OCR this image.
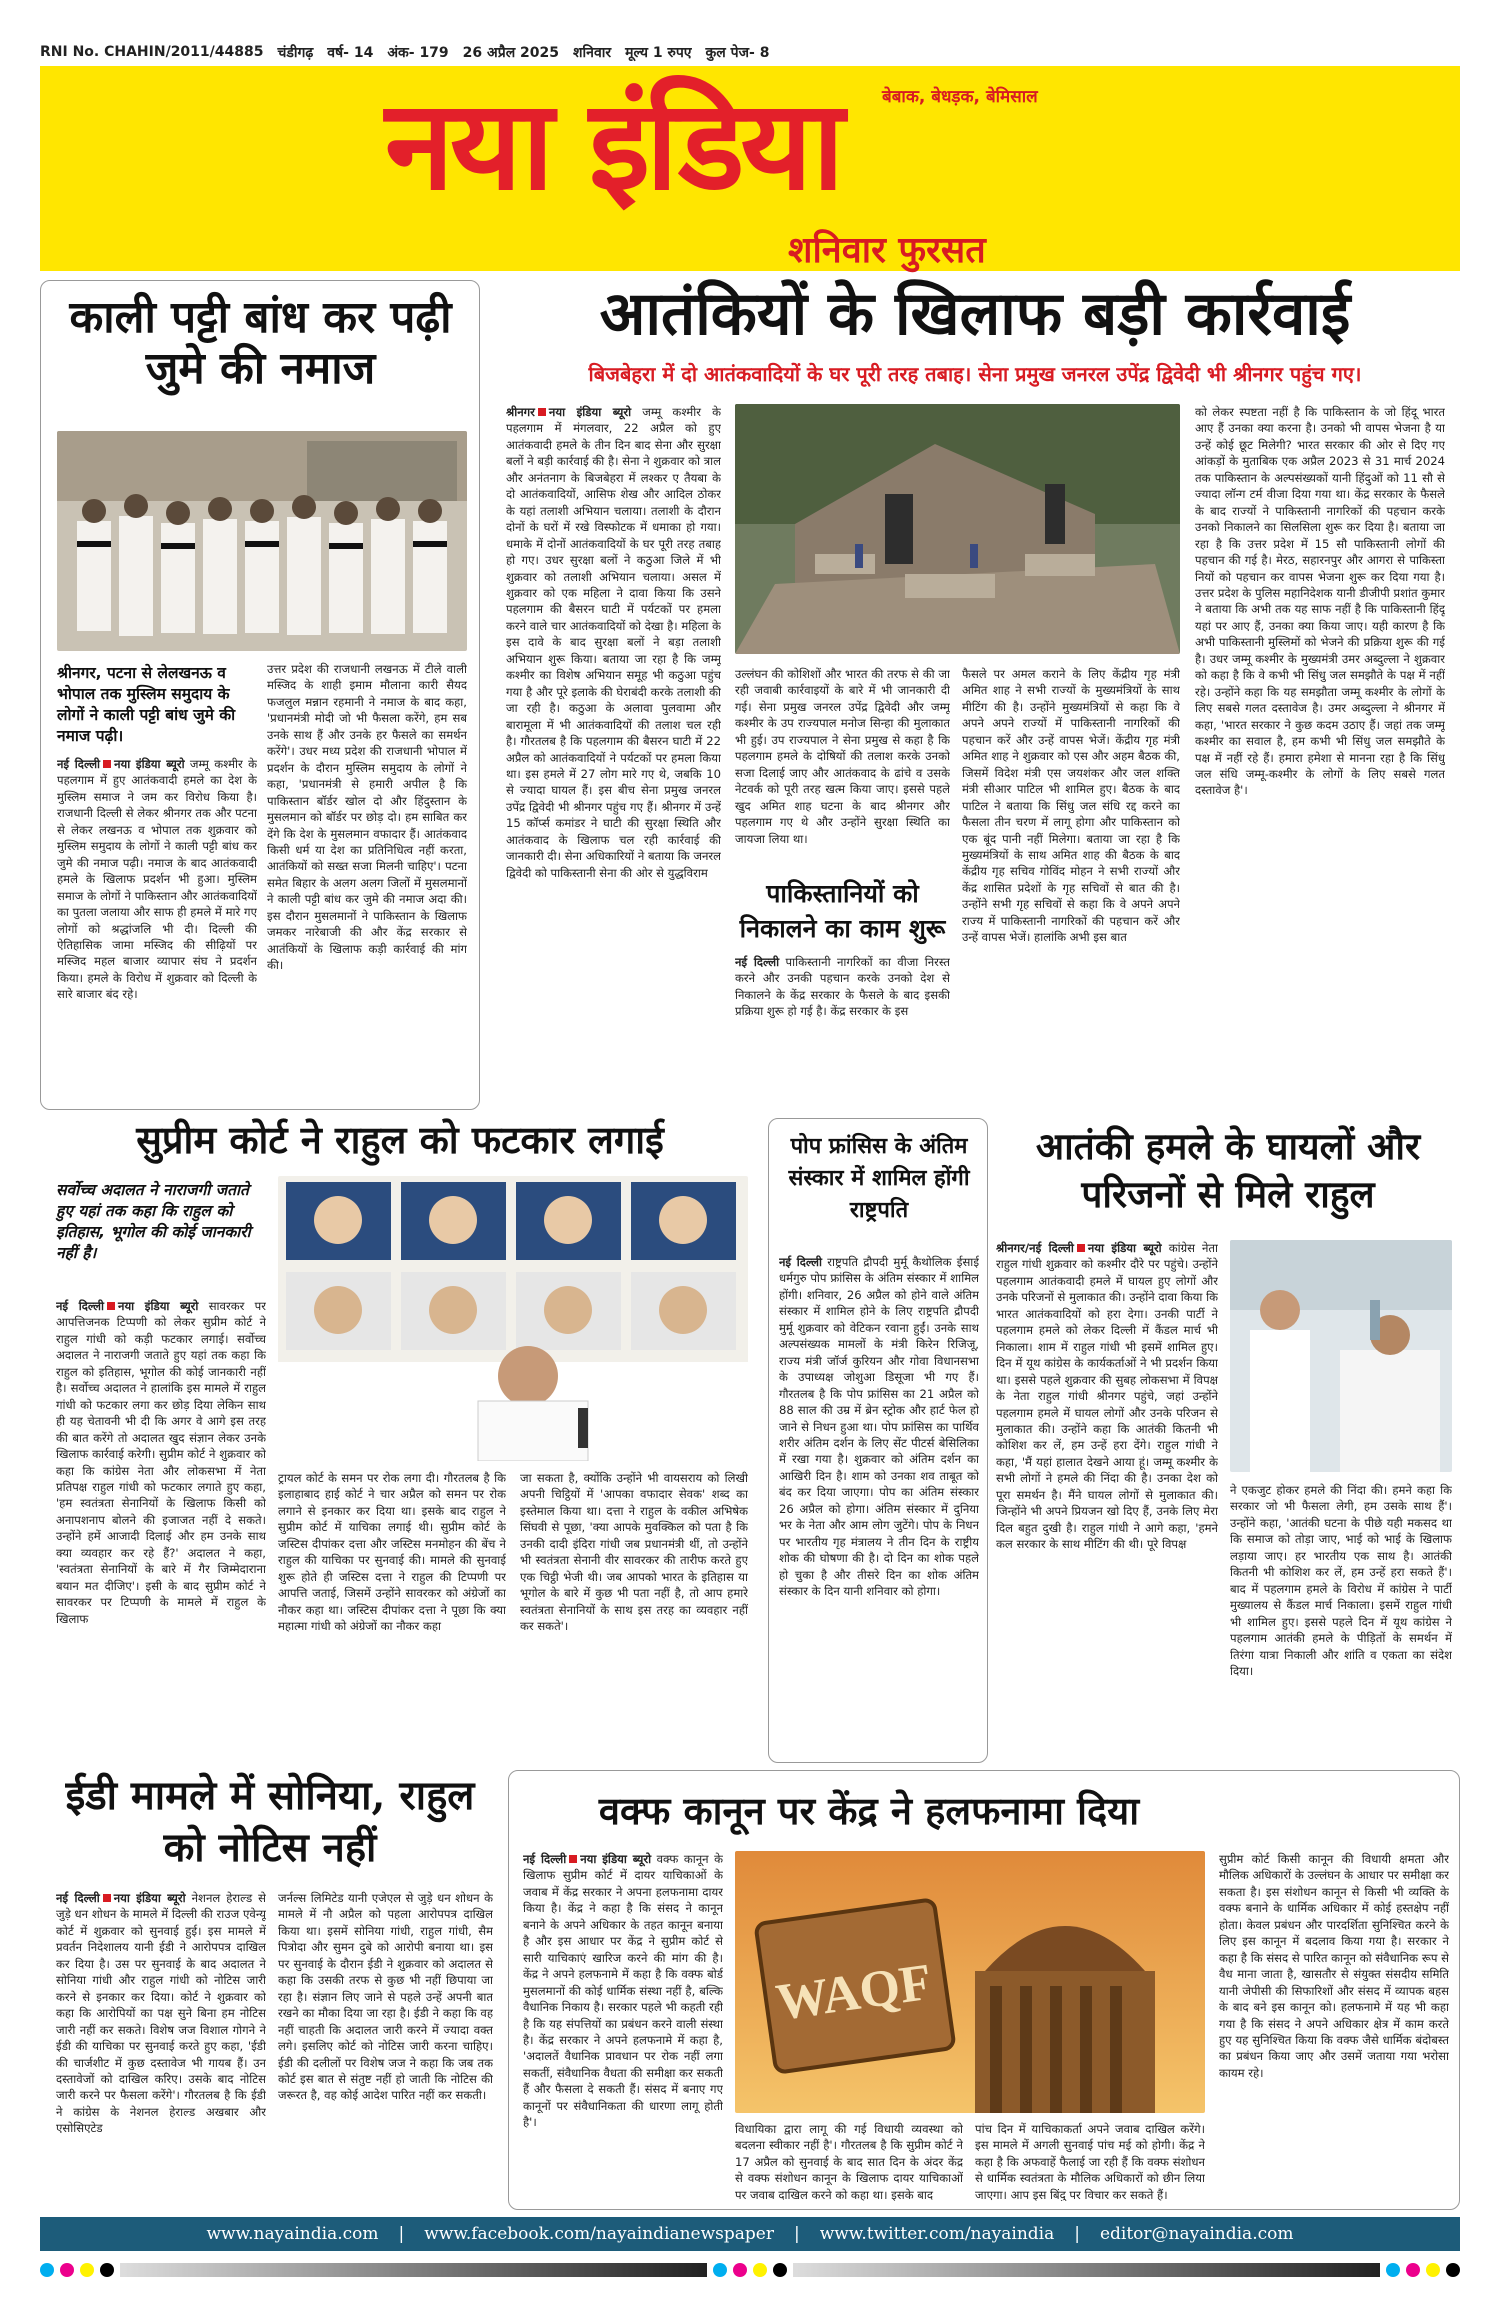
RNI No. CHAHIN/2011/44885 चंडीगढ़ वर्ष- 14 अंक- 179 26 अप्रैल 2025 शनिवार मूल्य 1 रुपए कुल पेज- 8
नया इंडिया बेबाक, बेधड़क, बेमिसाल
शनिवार फुरसत
काली पट्टी बांध कर पढ़ी जुमे की नमाज
श्रीनगर, पटना से लेलखनऊ व भोपाल तक मुस्लिम समुदाय के लोगों ने काली पट्टी बांध जुमे की नमाज पढ़ी।
नई दिल्ली नया इंडिया ब्यूरो जम्मू कश्मीर के पहलगाम में हुए आतंकवादी हमले का देश के मुस्लिम समाज ने जम कर विरोध किया है। राजधानी दिल्ली से लेकर श्रीनगर तक और पटना से लेकर लखनऊ व भोपाल तक शुक्रवार को मुस्लिम समुदाय के लोगों ने काली पट्टी बांध कर जुमे की नमाज पढ़ी। नमाज के बाद आतंकवादी हमले के खिलाफ प्रदर्शन भी हुआ। मुस्लिम समाज के लोगों ने पाकिस्तान और आतंकवादियों का पुतला जलाया और साफ ही हमले में मारे गए लोगों को श्रद्धांजलि भी दी। दिल्ली की ऐतिहासिक जामा मस्जिद की सीढ़ियों पर मस्जिद महल बाजार व्यापार संघ ने प्रदर्शन किया। हमले के विरोध में शुक्रवार को दिल्ली के सारे बाजार बंद रहे।
उत्तर प्रदेश की राजधानी लखनऊ में टीले वाली मस्जिद के शाही इमाम मौलाना कारी सैयद फजलुल मन्नान रहमानी ने नमाज के बाद कहा, 'प्रधानमंत्री मोदी जो भी फैसला करेंगे, हम सब उनके साथ हैं और उनके हर फैसले का समर्थन करेंगे'। उधर मध्य प्रदेश की राजधानी भोपाल में प्रदर्शन के दौरान मुस्लिम समुदाय के लोगों ने कहा, 'प्रधानमंत्री से हमारी अपील है कि पाकिस्तान बॉर्डर खोल दो और हिंदुस्तान के मुसलमान को बॉर्डर पर छोड़ दो। हम साबित कर देंगे कि देश के मुसलमान वफादार हैं। आतंकवाद किसी धर्म या देश का प्रतिनिधित्व नहीं करता, आतंकियों को सख्त सजा मिलनी चाहिए'। पटना समेत बिहार के अलग अलग जिलों में मुसलमानों ने काली पट्टी बांध कर जुमे की नमाज अदा की। इस दौरान मुसलमानों ने पाकिस्तान के खिलाफ जमकर नारेबाजी की और केंद्र सरकार से आतंकियों के खिलाफ कड़ी कार्रवाई की मांग की।
आतंकियों के खिलाफ बड़ी कार्रवाई
बिजबेहरा में दो आतंकवादियों के घर पूरी तरह तबाह। सेना प्रमुख जनरल उपेंद्र द्विवेदी भी श्रीनगर पहुंच गए।
श्रीनगर नया इंडिया ब्यूरो जम्मू कश्मीर के पहलगाम में मंगलवार, 22 अप्रैल को हुए आतंकवादी हमले के तीन दिन बाद सेना और सुरक्षा बलों ने बड़ी कार्रवाई की है। सेना ने शुक्रवार को त्राल और अनंतनाग के बिजबेहरा में लश्कर ए तैयबा के दो आतंकवादियों, आसिफ शेख और आदिल ठोकर के यहां तलाशी अभियान चलाया। तलाशी के दौरान दोनों के घरों में रखे विस्फोटक में धमाका हो गया। धमाके में दोनों आतंकवादियों के घर पूरी तरह तबाह हो गए। उधर सुरक्षा बलों ने कठुआ जिले में भी शुक्रवार को तलाशी अभियान चलाया। असल में शुक्रवार को एक महिला ने दावा किया कि उसने पहलगाम की बैसरन घाटी में पर्यटकों पर हमला करने वाले चार आतंकवादियों को देखा है। महिला के इस दावे के बाद सुरक्षा बलों ने बड़ा तलाशी अभियान शुरू किया। बताया जा रहा है कि जम्मू कश्मीर का विशेष अभियान समूह भी कठुआ पहुंच गया है और पूरे इलाके की घेराबंदी करके तलाशी की जा रही है। कठुआ के अलावा पुलवामा और बारामूला में भी आतंकवादियों की तलाश चल रही है। गौरतलब है कि पहलगाम की बैसरन घाटी में 22 अप्रैल को आतंकवादियों ने पर्यटकों पर हमला किया था। इस हमले में 27 लोग मारे गए थे, जबकि 10 से ज्यादा घायल हैं। इस बीच सेना प्रमुख जनरल उपेंद्र द्विवेदी भी श्रीनगर पहुंच गए हैं। श्रीनगर में उन्हें 15 कॉर्प्स कमांडर ने घाटी की सुरक्षा स्थिति और आतंकवाद के खिलाफ चल रही कार्रवाई की जानकारी दी। सेना अधिकारियों ने बताया कि जनरल द्विवेदी को पाकिस्तानी सेना की ओर से युद्धविराम
उल्लंघन की कोशिशों और भारत की तरफ से की जा रही जवाबी कार्रवाइयों के बारे में भी जानकारी दी गई। सेना प्रमुख जनरल उपेंद्र द्विवेदी और जम्मू कश्मीर के उप राज्यपाल मनोज सिन्हा की मुलाकात भी हुई। उप राज्यपाल ने सेना प्रमुख से कहा है कि पहलगाम हमले के दोषियों की तलाश करके उनको सजा दिलाई जाए और आतंकवाद के ढांचे व उसके नेटवर्क को पूरी तरह खत्म किया जाए। इससे पहले खुद अमित शाह घटना के बाद श्रीनगर और पहलगाम गए थे और उन्होंने सुरक्षा स्थिति का जायजा लिया था।
फैसले पर अमल कराने के लिए केंद्रीय गृह मंत्री अमित शाह ने सभी राज्यों के मुख्यमंत्रियों के साथ मीटिंग की है। उन्होंने मुख्यमंत्रियों से कहा कि वे अपने अपने राज्यों में पाकिस्तानी नागरिकों की पहचान करें और उन्हें वापस भेजें। केंद्रीय गृह मंत्री अमित शाह ने शुक्रवार को एस और अहम बैठक की, जिसमें विदेश मंत्री एस जयशंकर और जल शक्ति मंत्री सीआर पाटिल भी शामिल हुए। बैठक के बाद पाटिल ने बताया कि सिंधु जल संधि रद्द करने का फैसला तीन चरण में लागू होगा और पाकिस्तान को एक बूंद पानी नहीं मिलेगा। बताया जा रहा है कि मुख्यमंत्रियों के साथ अमित शाह की बैठक के बाद केंद्रीय गृह सचिव गोविंद मोहन ने सभी राज्यों और केंद्र शासित प्रदेशों के गृह सचिवों से बात की है। उन्होंने सभी गृह सचिवों से कहा कि वे अपने अपने राज्य में पाकिस्तानी नागरिकों की पहचान करें और उन्हें वापस भेजें। हालांकि अभी इस बात
को लेकर स्पष्टता नहीं है कि पाकिस्तान के जो हिंदू भारत आए हैं उनका क्या करना है। उनको भी वापस भेजना है या उन्हें कोई छूट मिलेगी? भारत सरकार की ओर से दिए गए आंकड़ों के मुताबिक एक अप्रैल 2023 से 31 मार्च 2024 तक पाकिस्तान के अल्पसंख्यकों यानी हिंदुओं को 11 सौ से ज्यादा लॉन्ग टर्म वीजा दिया गया था। केंद्र सरकार के फैसले के बाद राज्यों ने पाकिस्तानी नागरिकों की पहचान करके उनको निकालने का सिलसिला शुरू कर दिया है। बताया जा रहा है कि उत्तर प्रदेश में 15 सौ पाकिस्तानी लोगों की पहचान की गई है। मेरठ, सहारनपुर और आगरा से पाकिस्ता नियों को पहचान कर वापस भेजना शुरू कर दिया गया है। उत्तर प्रदेश के पुलिस महानिदेशक यानी डीजीपी प्रशांत कुमार ने बताया कि अभी तक यह साफ नहीं है कि पाकिस्तानी हिंदू यहां पर आए हैं, उनका क्या किया जाए। यही कारण है कि अभी पाकिस्तानी मुस्लिमों को भेजने की प्रक्रिया शुरू की गई है। उधर जम्मू कश्मीर के मुख्यमंत्री उमर अब्दुल्ला ने शुक्रवार को कहा है कि वे कभी भी सिंधु जल समझौते के पक्ष में नहीं रहे। उन्होंने कहा कि यह समझौता जम्मू कश्मीर के लोगों के लिए सबसे गलत दस्तावेज है। उमर अब्दुल्ला ने श्रीनगर में कहा, 'भारत सरकार ने कुछ कदम उठाए हैं। जहां तक जम्मू कश्मीर का सवाल है, हम कभी भी सिंधु जल समझौते के पक्ष में नहीं रहे हैं। हमारा हमेशा से मानना रहा है कि सिंधु जल संधि जम्मू-कश्मीर के लोगों के लिए सबसे गलत दस्तावेज है'।
पाकिस्तानियों को निकालने का काम शुरू
नई दिल्ली पाकिस्तानी नागरिकों का वीजा निरस्त करने और उनकी पहचान करके उनको देश से निकालने के केंद्र सरकार के फैसले के बाद इसकी प्रक्रिया शुरू हो गई है। केंद्र सरकार के इस
सुप्रीम कोर्ट ने राहुल को फटकार लगाई
सर्वोच्च अदालत ने नाराजगी जताते हुए यहां तक कहा कि राहुल को इतिहास, भूगोल की कोई जानकारी नहीं है।
नई दिल्ली नया इंडिया ब्यूरो सावरकर पर आपत्तिजनक टिप्पणी को लेकर सुप्रीम कोर्ट ने राहुल गांधी को कड़ी फटकार लगाई। सर्वोच्च अदालत ने नाराजगी जताते हुए यहां तक कहा कि राहुल को इतिहास, भूगोल की कोई जानकारी नहीं है। सर्वोच्च अदालत ने हालांकि इस मामले में राहुल गांधी को फटकार लगा कर छोड़ दिया लेकिन साथ ही यह चेतावनी भी दी कि अगर वे आगे इस तरह की बात करेंगे तो अदालत खुद संज्ञान लेकर उनके खिलाफ कार्रवाई करेगी। सुप्रीम कोर्ट ने शुक्रवार को कहा कि कांग्रेस नेता और लोकसभा में नेता प्रतिपक्ष राहुल गांधी को फटकार लगाते हुए कहा, 'हम स्वतंत्रता सेनानियों के खिलाफ किसी को अनापशनाप बोलने की इजाजत नहीं दे सकते। उन्होंने हमें आजादी दिलाई और हम उनके साथ क्या व्यवहार कर रहे हैं?' अदालत ने कहा, 'स्वतंत्रता सेनानियों के बारे में गैर जिम्मेदाराना बयान मत दीजिए'। इसी के बाद सुप्रीम कोर्ट ने सावरकर पर टिप्पणी के मामले में राहुल के खिलाफ
ट्रायल कोर्ट के समन पर रोक लगा दी। गौरतलब है कि इलाहाबाद हाई कोर्ट ने चार अप्रैल को समन पर रोक लगाने से इनकार कर दिया था। इसके बाद राहुल ने सुप्रीम कोर्ट में याचिका लगाई थी। सुप्रीम कोर्ट के जस्टिस दीपांकर दत्ता और जस्टिस मनमोहन की बेंच ने राहुल की याचिका पर सुनवाई की। मामले की सुनवाई शुरू होते ही जस्टिस दत्ता ने राहुल की टिप्पणी पर आपत्ति जताई, जिसमें उन्होंने सावरकर को अंग्रेजों का नौकर कहा था। जस्टिस दीपांकर दत्ता ने पूछा कि क्या महात्मा गांधी को अंग्रेजों का नौकर कहा
जा सकता है, क्योंकि उन्होंने भी वायसराय को लिखी अपनी चिट्ठियों में 'आपका वफादार सेवक' शब्द का इस्तेमाल किया था। दत्ता ने राहुल के वकील अभिषेक सिंघवी से पूछा, 'क्या आपके मुवक्किल को पता है कि उनकी दादी इंदिरा गांधी जब प्रधानमंत्री थीं, तो उन्होंने भी स्वतंत्रता सेनानी वीर सावरकर की तारीफ करते हुए एक चिट्ठी भेजी थी। जब आपको भारत के इतिहास या भूगोल के बारे में कुछ भी पता नहीं है, तो आप हमारे स्वतंत्रता सेनानियों के साथ इस तरह का व्यवहार नहीं कर सकते'।
पोप फ्रांसिस के अंतिम संस्कार में शामिल होंगी राष्ट्रपति
नई दिल्ली राष्ट्रपति द्रौपदी मुर्मू कैथोलिक ईसाई धर्मगुरु पोप फ्रांसिस के अंतिम संस्कार में शामिल होंगी। शनिवार, 26 अप्रैल को होने वाले अंतिम संस्कार में शामिल होने के लिए राष्ट्रपति द्रौपदी मुर्मू शुक्रवार को वेटिकन रवाना हुईं। उनके साथ अल्पसंख्यक मामलों के मंत्री किरेन रिजिजू, राज्य मंत्री जॉर्ज कुरियन और गोवा विधानसभा के उपाध्यक्ष जोशुआ डिसूजा भी गए हैं। गौरतलब है कि पोप फ्रांसिस का 21 अप्रैल को 88 साल की उम्र में ब्रेन स्ट्रोक और हार्ट फेल हो जाने से निधन हुआ था। पोप फ्रांसिस का पार्थिव शरीर अंतिम दर्शन के लिए सेंट पीटर्स बेसिलिका में रखा गया है। शुक्रवार को अंतिम दर्शन का आखिरी दिन है। शाम को उनका शव ताबूत को बंद कर दिया जाएगा। पोप का अंतिम संस्कार 26 अप्रैल को होगा। अंतिम संस्कार में दुनिया भर के नेता और आम लोग जुटेंगे। पोप के निधन पर भारतीय गृह मंत्रालय ने तीन दिन के राष्ट्रीय शोक की घोषणा की है। दो दिन का शोक पहले हो चुका है और तीसरे दिन का शोक अंतिम संस्कार के दिन यानी शनिवार को होगा।
आतंकी हमले के घायलों और परिजनों से मिले राहुल
श्रीनगर/नई दिल्ली नया इंडिया ब्यूरो कांग्रेस नेता राहुल गांधी शुक्रवार को कश्मीर दौरे पर पहुंचे। उन्होंने पहलगाम आतंकवादी हमले में घायल हुए लोगों और उनके परिजनों से मुलाकात की। उन्होंने दावा किया कि भारत आतंकवादियों को हरा देगा। उनकी पार्टी ने पहलगाम हमले को लेकर दिल्ली में कैंडल मार्च भी निकाला। शाम में राहुल गांधी भी इसमें शामिल हुए। दिन में यूथ कांग्रेस के कार्यकर्ताओं ने भी प्रदर्शन किया था। इससे पहले शुक्रवार की सुबह लोकसभा में विपक्ष के नेता राहुल गांधी श्रीनगर पहुंचे, जहां उन्होंने पहलगाम हमले में घायल लोगों और उनके परिजन से मुलाकात की। उन्होंने कहा कि आतंकी कितनी भी कोशिश कर लें, हम उन्हें हरा देंगे। राहुल गांधी ने कहा, 'मैं यहां हालात देखने आया हूं। जम्मू कश्मीर के सभी लोगों ने हमले की निंदा की है। उनका देश को पूरा समर्थन है। मैंने घायल लोगों से मुलाकात की। जिन्होंने भी अपने प्रियजन खो दिए हैं, उनके लिए मेरा दिल बहुत दुखी है। राहुल गांधी ने आगे कहा, 'हमने कल सरकार के साथ मीटिंग की थी। पूरे विपक्ष
ने एकजुट होकर हमले की निंदा की। हमने कहा कि सरकार जो भी फैसला लेगी, हम उसके साथ हैं'। उन्होंने कहा, 'आतंकी घटना के पीछे यही मकसद था कि समाज को तोड़ा जाए, भाई को भाई के खिलाफ लड़ाया जाए। हर भारतीय एक साथ है। आतंकी कितनी भी कोशिश कर लें, हम उन्हें हरा सकते हैं'। बाद में पहलगाम हमले के विरोध में कांग्रेस ने पार्टी मुख्यालय से कैंडल मार्च निकाला। इसमें राहुल गांधी भी शामिल हुए। इससे पहले दिन में यूथ कांग्रेस ने पहलगाम आतंकी हमले के पीड़ितों के समर्थन में तिरंगा यात्रा निकाली और शांति व एकता का संदेश दिया।
ईडी मामले में सोनिया, राहुल को नोटिस नहीं
नई दिल्ली नया इंडिया ब्यूरो नेशनल हेराल्ड से जुड़े धन शोधन के मामले में दिल्ली की राउज एवेन्यू कोर्ट में शुक्रवार को सुनवाई हुई। इस मामले में प्रवर्तन निदेशालय यानी ईडी ने आरोपपत्र दाखिल कर दिया है। उस पर सुनवाई के बाद अदालत ने सोनिया गांधी और राहुल गांधी को नोटिस जारी करने से इनकार कर दिया। कोर्ट ने शुक्रवार को कहा कि आरोपियों का पक्ष सुने बिना हम नोटिस जारी नहीं कर सकते। विशेष जज विशाल गोगने ने ईडी की याचिका पर सुनवाई करते हुए कहा, 'ईडी की चार्जशीट में कुछ दस्तावेज भी गायब हैं। उन दस्तावेजों को दाखिल करिए। उसके बाद नोटिस जारी करने पर फैसला करेंगे'। गौरतलब है कि ईडी ने कांग्रेस के नेशनल हेराल्ड अखबार और एसोसिएटेड
जर्नल्स लिमिटेड यानी एजेएल से जुड़े धन शोधन के मामले में नौ अप्रैल को पहला आरोपपत्र दाखिल किया था। इसमें सोनिया गांधी, राहुल गांधी, सैम पित्रोदा और सुमन दुबे को आरोपी बनाया था। इस पर सुनवाई के दौरान ईडी ने शुक्रवार को अदालत से कहा कि उसकी तरफ से कुछ भी नहीं छिपाया जा रहा है। संज्ञान लिए जाने से पहले उन्हें अपनी बात रखने का मौका दिया जा रहा है। ईडी ने कहा कि वह नहीं चाहती कि अदालत जारी करने में ज्यादा वक्त लगे। इसलिए कोर्ट को नोटिस जारी करना चाहिए। ईडी की दलीलों पर विशेष जज ने कहा कि जब तक कोर्ट इस बात से संतुष्ट नहीं हो जाती कि नोटिस की जरूरत है, वह कोई आदेश पारित नहीं कर सकती।
वक्फ कानून पर केंद्र ने हलफनामा दिया
नई दिल्ली नया इंडिया ब्यूरो वक्फ कानून के खिलाफ सुप्रीम कोर्ट में दायर याचिकाओं के जवाब में केंद्र सरकार ने अपना हलफनामा दायर किया है। केंद्र ने कहा है कि संसद ने कानून बनाने के अपने अधिकार के तहत कानून बनाया है और इस आधार पर केंद्र ने सुप्रीम कोर्ट से सारी याचिकाएं खारिज करने की मांग की है। केंद्र ने अपने हलफनामे में कहा है कि वक्फ बोर्ड मुसलमानों की कोई धार्मिक संस्था नहीं है, बल्कि वैधानिक निकाय है। सरकार पहले भी कहती रही है कि यह संपत्तियों का प्रबंधन करने वाली संस्था है। केंद्र सरकार ने अपने हलफनामे में कहा है, 'अदालतें वैधानिक प्रावधान पर रोक नहीं लगा सकतीं, संवैधानिक वैधता की समीक्षा कर सकती हैं और फैसला दे सकती हैं। संसद में बनाए गए कानूनों पर संवैधानिकता की धारणा लागू होती है'।
WAQF
विधायिका द्वारा लागू की गई विधायी व्यवस्था को बदलना स्वीकार नहीं है'। गौरतलब है कि सुप्रीम कोर्ट ने 17 अप्रैल को सुनवाई के बाद सात दिन के अंदर केंद्र से वक्फ संशोधन कानून के खिलाफ दायर याचिकाओं पर जवाब दाखिल करने को कहा था। इसके बाद
पांच दिन में याचिकाकर्ता अपने जवाब दाखिल करेंगे। इस मामले में अगली सुनवाई पांच मई को होगी। केंद्र ने कहा है कि अफवाहें फैलाई जा रही हैं कि वक्फ संशोधन से धार्मिक स्वतंत्रता के मौलिक अधिकारों को छीन लिया जाएगा। आप इस बिंदु पर विचार कर सकते हैं।
सुप्रीम कोर्ट किसी कानून की विधायी क्षमता और मौलिक अधिकारों के उल्लंघन के आधार पर समीक्षा कर सकता है। इस संशोधन कानून से किसी भी व्यक्ति के वक्फ बनाने के धार्मिक अधिकार में कोई हस्तक्षेप नहीं होता। केवल प्रबंधन और पारदर्शिता सुनिश्चित करने के लिए इस कानून में बदलाव किया गया है। सरकार ने कहा है कि संसद से पारित कानून को संवैधानिक रूप से वैध माना जाता है, खासतौर से संयुक्त संसदीय समिति यानी जेपीसी की सिफारिशों और संसद में व्यापक बहस के बाद बने इस कानून को। हलफनामे में यह भी कहा गया है कि संसद ने अपने अधिकार क्षेत्र में काम करते हुए यह सुनिश्चित किया कि वक्फ जैसे धार्मिक बंदोबस्त का प्रबंधन किया जाए और उसमें जताया गया भरोसा कायम रहे।
www.nayaindia.com | www.facebook.com/nayaindianewspaper | www.twitter.com/nayaindia | editor@nayaindia.com
